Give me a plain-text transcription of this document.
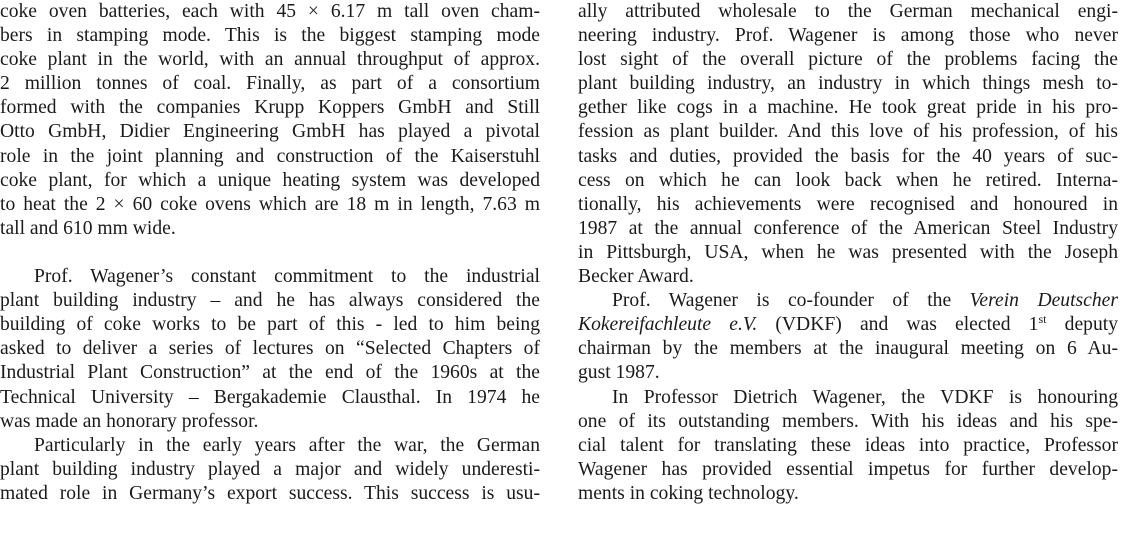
coke oven batteries, each with 45 × 6.17 m tall oven cham-
bers in stamping mode. This is the biggest stamping mode
coke plant in the world, with an annual throughput of approx.
2 million tonnes of coal. Finally, as part of a consortium
formed with the companies Krupp Koppers GmbH and Still
Otto GmbH, Didier Engineering GmbH has played a pivotal
role in the joint planning and construction of the Kaiserstuhl
coke plant, for which a unique heating system was developed
to heat the 2 × 60 coke ovens which are 18 m in length, 7.63 m
tall and 610 mm wide.
Prof. Wagener’s constant commitment to the industrial
plant building industry – and he has always considered the
building of coke works to be part of this - led to him being
asked to deliver a series of lectures on “Selected Chapters of
Industrial Plant Construction” at the end of the 1960s at the
Technical University – Bergakademie Clausthal. In 1974 he
was made an honorary professor.
Particularly in the early years after the war, the German
plant building industry played a major and widely underesti-
mated role in Germany’s export success. This success is usu-
ally attributed wholesale to the German mechanical engi-
neering industry. Prof. Wagener is among those who never
lost sight of the overall picture of the problems facing the
plant building industry, an industry in which things mesh to-
gether like cogs in a machine. He took great pride in his pro-
fession as plant builder. And this love of his profession, of his
tasks and duties, provided the basis for the 40 years of suc-
cess on which he can look back when he retired. Interna-
tionally, his achievements were recognised and honoured in
1987 at the annual conference of the American Steel Industry
in Pittsburgh, USA, when he was presented with the Joseph
Becker Award.
Prof. Wagener is co-founder of the Verein Deutscher
Kokereifachleute e.V. (VDKF) and was elected 1st deputy
chairman by the members at the inaugural meeting on 6 Au-
gust 1987.
In Professor Dietrich Wagener, the VDKF is honouring
one of its outstanding members. With his ideas and his spe-
cial talent for translating these ideas into practice, Professor
Wagener has provided essential impetus for further develop-
ments in coking technology.
